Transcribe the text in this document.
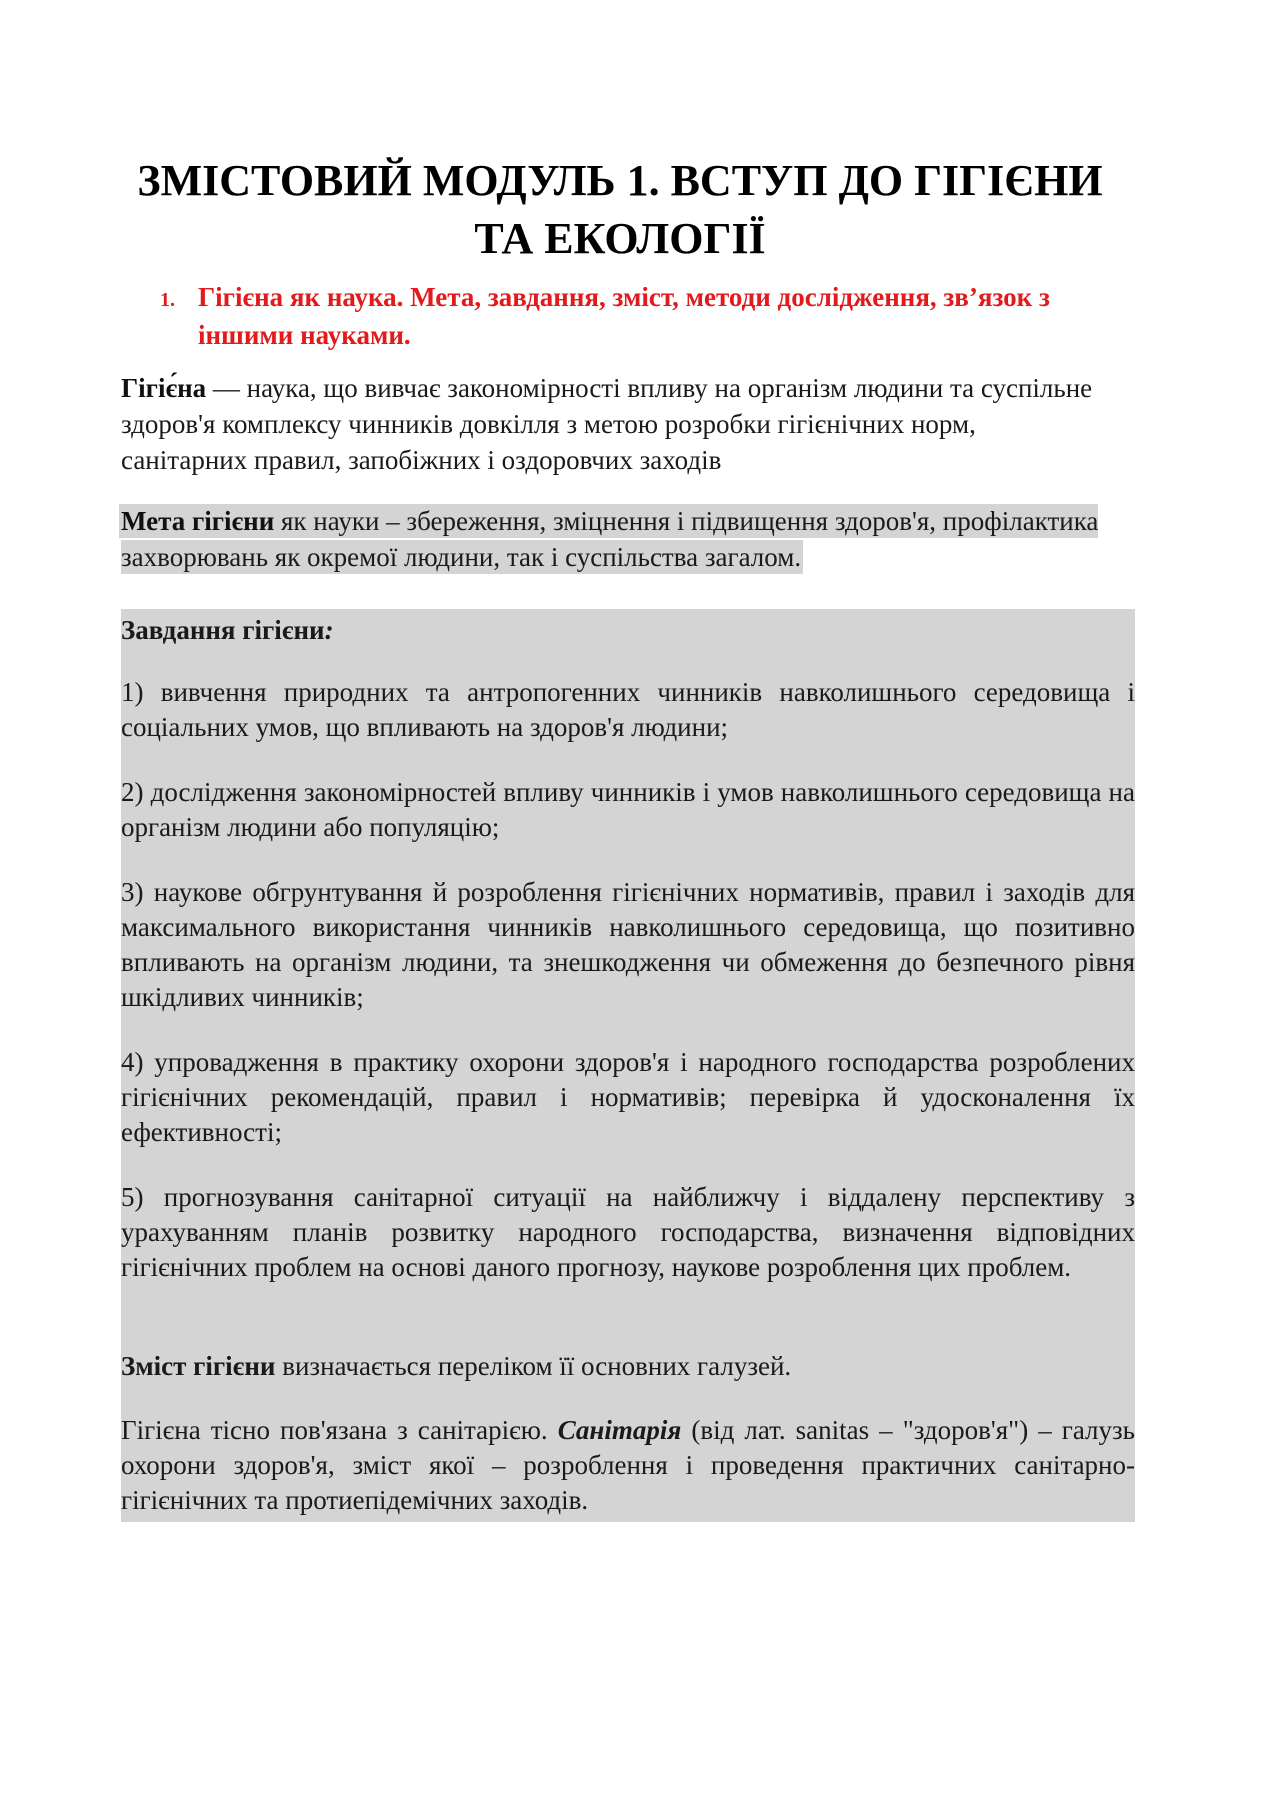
ЗМІСТОВИЙ МОДУЛЬ 1. ВСТУП ДО ГІГІЄНИ
ТА ЕКОЛОГІЇ
1. Гігієна як наука. Мета, завдання, зміст, методи дослідження, зв’язок з іншими науками.

Гігіє́на — наука, що вивчає закономірності впливу на організм людини та суспільне здоров'я комплексу чинників довкілля з метою розробки гігієнічних норм, санітарних правил, запобіжних і оздоровчих заходів

Мета гігієни як науки – збереження, зміцнення і підвищення здоров'я, профілактика захворювань як окремої людини, так і суспільства загалом.

Завдання гігієни:

1) вивчення природних та антропогенних чинників навколишнього середовища і соціальних умов, що впливають на здоров'я людини;

2) дослідження закономірностей впливу чинників і умов навколишнього середовища на організм людини або популяцію;

3) наукове обгрунтування й розроблення гігієнічних нормативів, правил і заходів для максимального використання чинників навколишнього середовища, що позитивно впливають на організм людини, та знешкодження чи обмеження до безпечного рівня шкідливих чинників;

4) упровадження в практику охорони здоров'я і народного господарства розроблених гігієнічних рекомендацій, правил і нормативів; перевірка й удосконалення їх ефективності;

5) прогнозування санітарної ситуації на найближчу і віддалену перспективу з урахуванням планів розвитку народного господарства, визначення відповідних гігієнічних проблем на основі даного прогнозу, наукове розроблення цих проблем.

Зміст гігієни визначається переліком її основних галузей.

Гігієна тісно пов'язана з санітарією. Санітарія (від лат. sanitas – "здоров'я") – галузь охорони здоров'я, зміст якої – розроблення і проведення практичних санітарно-гігієнічних та протиепідемічних заходів.
